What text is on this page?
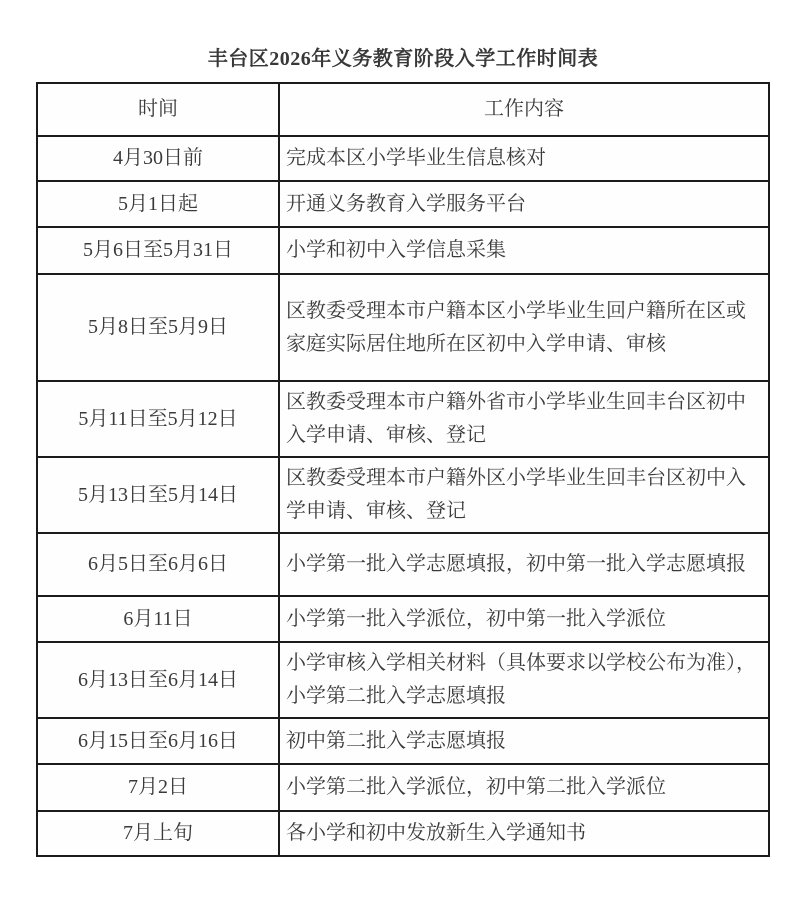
丰台区2026年义务教育阶段入学工作时间表
时间	工作内容
4月30日前	完成本区小学毕业生信息核对
5月1日起	开通义务教育入学服务平台
5月6日至5月31日	小学和初中入学信息采集
5月8日至5月9日	区教委受理本市户籍本区小学毕业生回户籍所在区或家庭实际居住地所在区初中入学申请、审核
5月11日至5月12日	区教委受理本市户籍外省市小学毕业生回丰台区初中入学申请、审核、登记
5月13日至5月14日	区教委受理本市户籍外区小学毕业生回丰台区初中入学申请、审核、登记
6月5日至6月6日	小学第一批入学志愿填报，初中第一批入学志愿填报
6月11日	小学第一批入学派位，初中第一批入学派位
6月13日至6月14日	小学审核入学相关材料（具体要求以学校公布为准），小学第二批入学志愿填报
6月15日至6月16日	初中第二批入学志愿填报
7月2日	小学第二批入学派位，初中第二批入学派位
7月上旬	各小学和初中发放新生入学通知书
